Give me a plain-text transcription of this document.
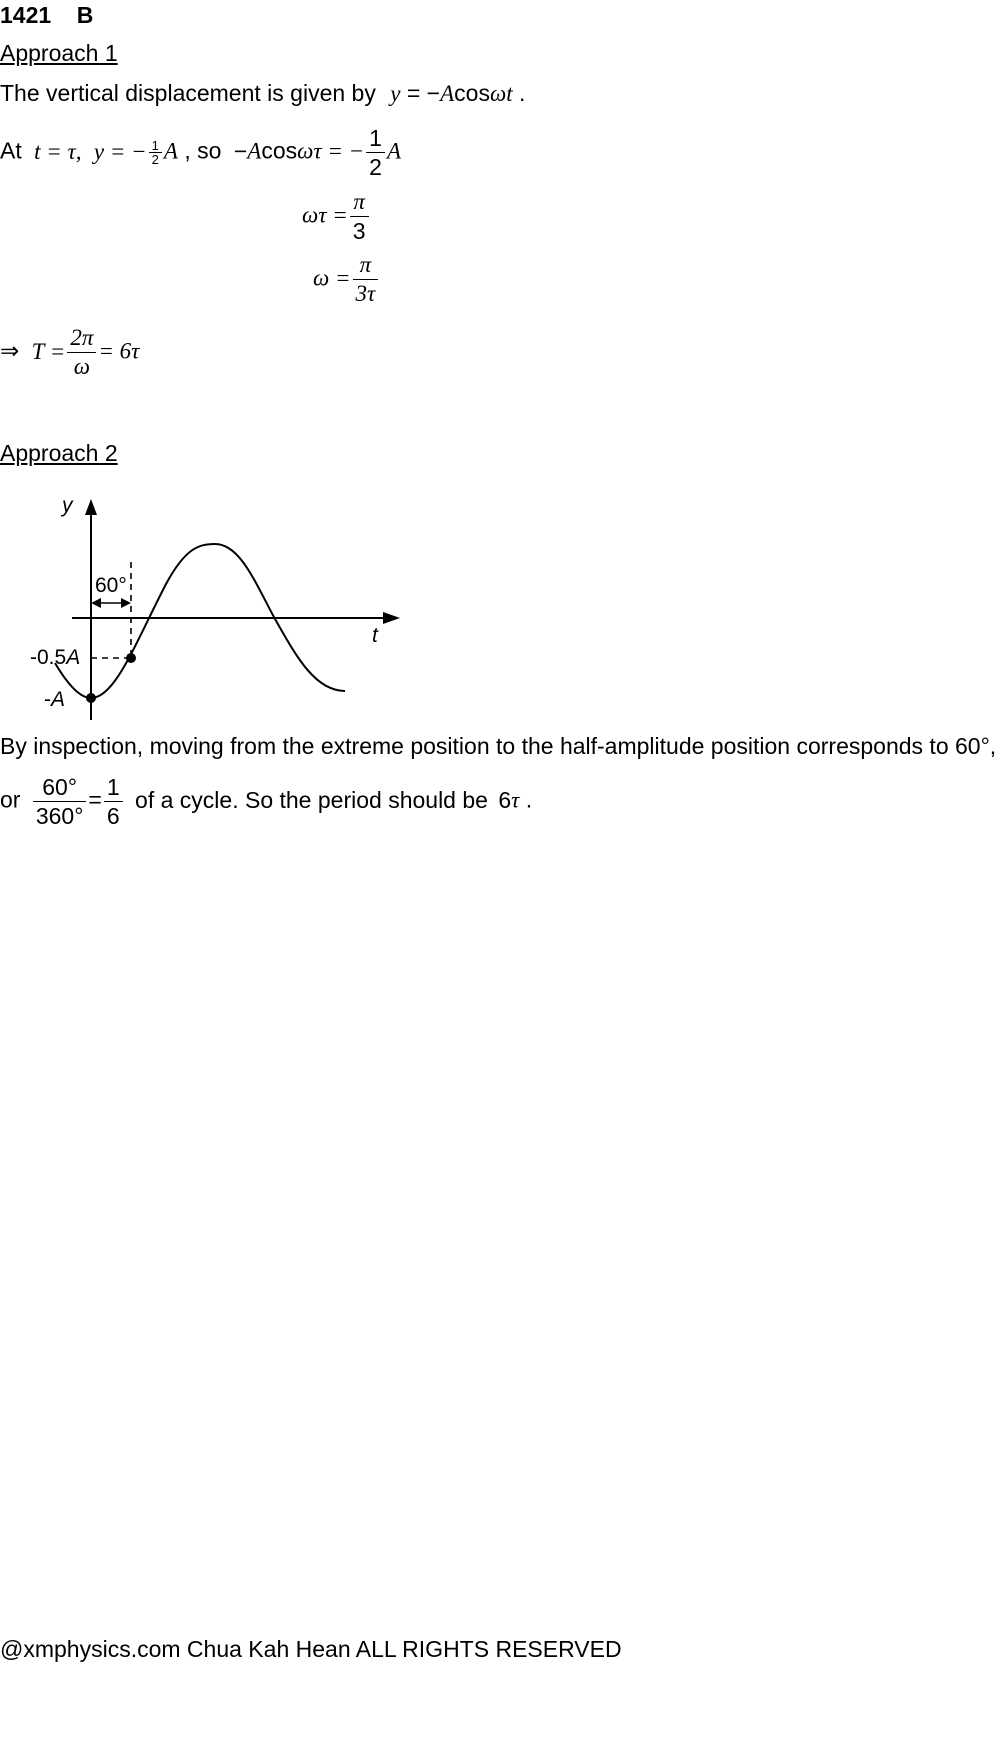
1421 B
Approach 1
The vertical displacement is given by y = −Acosωt .
At t = τ, y = − $\frac{1}{2}$ A , so −Acosωτ = − $\frac{1}{2}$ A
$\omega\tau = \frac{\pi}{3}$
$\omega = \frac{\pi}{3\tau}$
⇒ $T = \frac{2\pi}{\omega} = 6\tau$
Approach 2
y
t
60°
-0.5A
-A
By inspection, moving from the extreme position to the half-amplitude position corresponds to 60°,
or $\frac{60^\circ}{360^\circ} = \frac{1}{6}$ of a cycle. So the period should be 6τ .
@xmphysics.com Chua Kah Hean ALL RIGHTS RESERVED
